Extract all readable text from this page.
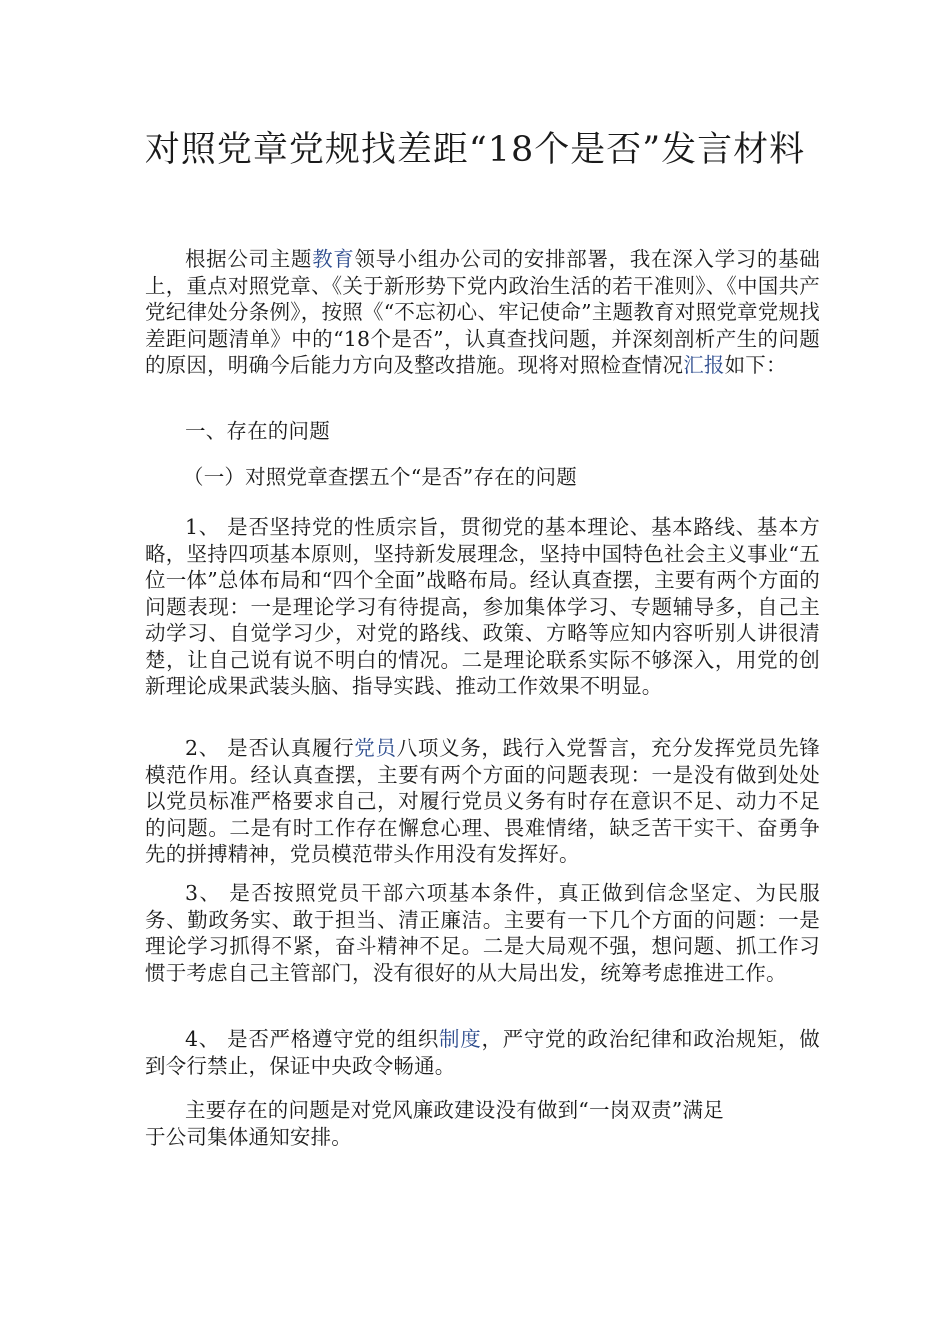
对照党章党规找差距“18个是否”发言材料

根据公司主题教育领导小组办公司的安排部署，我在深入学习的基础上，重点对照党章、《关于新形势下党内政治生活的若干准则》、《中国共产党纪律处分条例》，按照《“不忘初心、牢记使命”主题教育对照党章党规找差距问题清单》中的“18个是否”，认真查找问题，并深刻剖析产生的问题的原因，明确今后能力方向及整改措施。现将对照检查情况汇报如下：

一、存在的问题

（一）对照党章查摆五个“是否”存在的问题

1、 是否坚持党的性质宗旨，贯彻党的基本理论、基本路线、基本方略，坚持四项基本原则，坚持新发展理念，坚持中国特色社会主义事业“五位一体”总体布局和“四个全面”战略布局。经认真查摆，主要有两个方面的问题表现：一是理论学习有待提高，参加集体学习、专题辅导多，自己主动学习、自觉学习少，对党的路线、政策、方略等应知内容听别人讲很清楚，让自己说有说不明白的情况。二是理论联系实际不够深入，用党的创新理论成果武装头脑、指导实践、推动工作效果不明显。

2、 是否认真履行党员八项义务，践行入党誓言，充分发挥党员先锋模范作用。经认真查摆，主要有两个方面的问题表现：一是没有做到处处以党员标准严格要求自己，对履行党员义务有时存在意识不足、动力不足的问题。二是有时工作存在懈怠心理、畏难情绪，缺乏苦干实干、奋勇争先的拼搏精神，党员模范带头作用没有发挥好。

3、 是否按照党员干部六项基本条件，真正做到信念坚定、为民服务、勤政务实、敢于担当、清正廉洁。主要有一下几个方面的问题：一是理论学习抓得不紧，奋斗精神不足。二是大局观不强，想问题、抓工作习惯于考虑自己主管部门，没有很好的从大局出发，统筹考虑推进工作。

4、 是否严格遵守党的组织制度，严守党的政治纪律和政治规矩，做到令行禁止，保证中央政令畅通。

主要存在的问题是对党风廉政建设没有做到“一岗双责”满足
于公司集体通知安排。
